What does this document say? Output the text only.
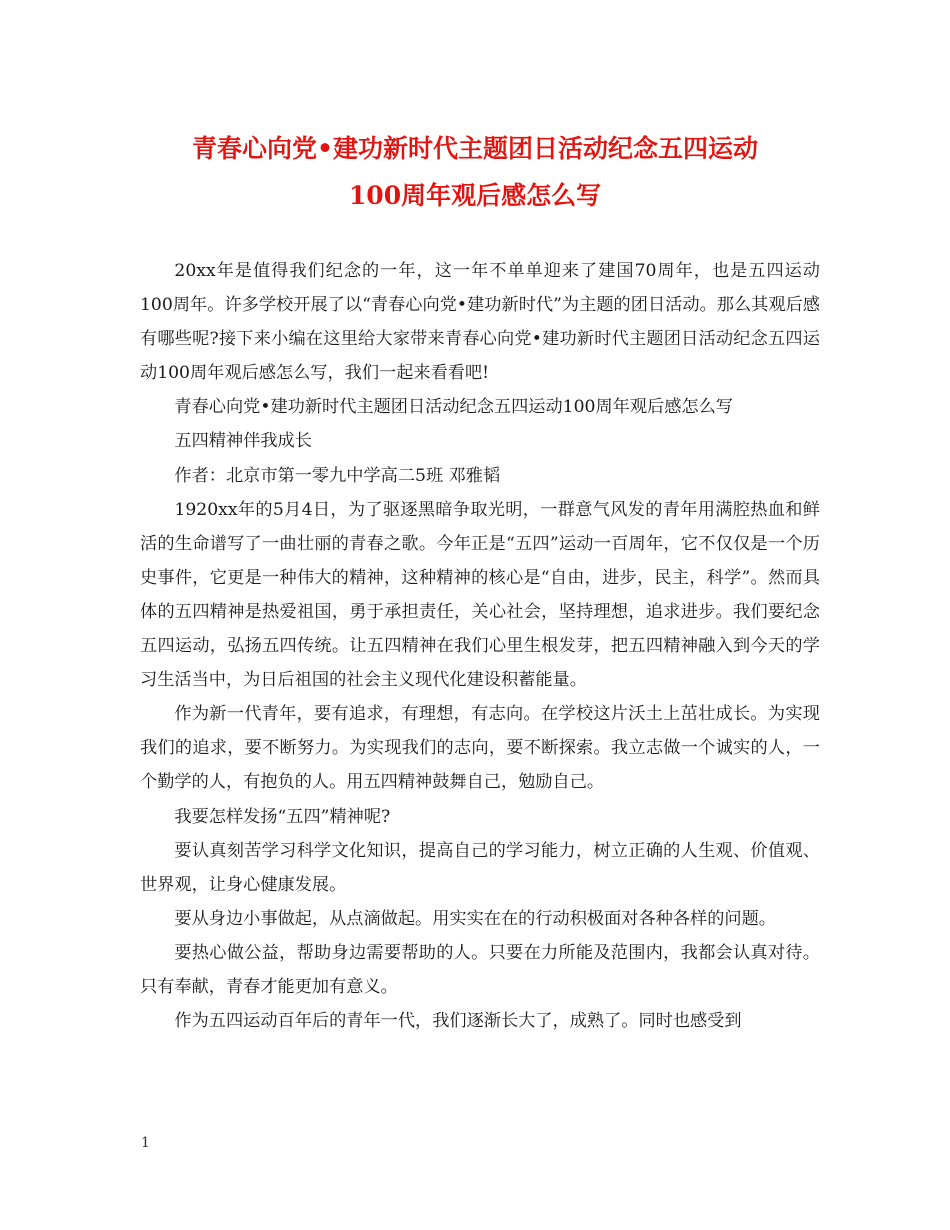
青春心向党•建功新时代主题团日活动纪念五四运动
100周年观后感怎么写

20xx年是值得我们纪念的一年，这一年不单单迎来了建国70周年，也是五四运动100周年。许多学校开展了以“青春心向党•建功新时代”为主题的团日活动。那么其观后感有哪些呢?接下来小编在这里给大家带来青春心向党•建功新时代主题团日活动纪念五四运动100周年观后感怎么写，我们一起来看看吧!

青春心向党•建功新时代主题团日活动纪念五四运动100周年观后感怎么写

五四精神伴我成长

作者：北京市第一零九中学高二5班 邓雅韬

1920xx年的5月4日，为了驱逐黑暗争取光明，一群意气风发的青年用满腔热血和鲜活的生命谱写了一曲壮丽的青春之歌。今年正是“五四”运动一百周年，它不仅仅是一个历史事件，它更是一种伟大的精神，这种精神的核心是“自由，进步，民主，科学”。然而具体的五四精神是热爱祖国，勇于承担责任，关心社会，坚持理想，追求进步。我们要纪念五四运动，弘扬五四传统。让五四精神在我们心里生根发芽，把五四精神融入到今天的学习生活当中，为日后祖国的社会主义现代化建设积蓄能量。

作为新一代青年，要有追求，有理想，有志向。在学校这片沃土上茁壮成长。为实现我们的追求，要不断努力。为实现我们的志向，要不断探索。我立志做一个诚实的人，一个勤学的人，有抱负的人。用五四精神鼓舞自己，勉励自己。

我要怎样发扬“五四”精神呢?

要认真刻苦学习科学文化知识，提高自己的学习能力，树立正确的人生观、价值观、世界观，让身心健康发展。

要从身边小事做起，从点滴做起。用实实在在的行动积极面对各种各样的问题。

要热心做公益，帮助身边需要帮助的人。只要在力所能及范围内，我都会认真对待。只有奉献，青春才能更加有意义。

作为五四运动百年后的青年一代，我们逐渐长大了，成熟了。同时也感受到

1
